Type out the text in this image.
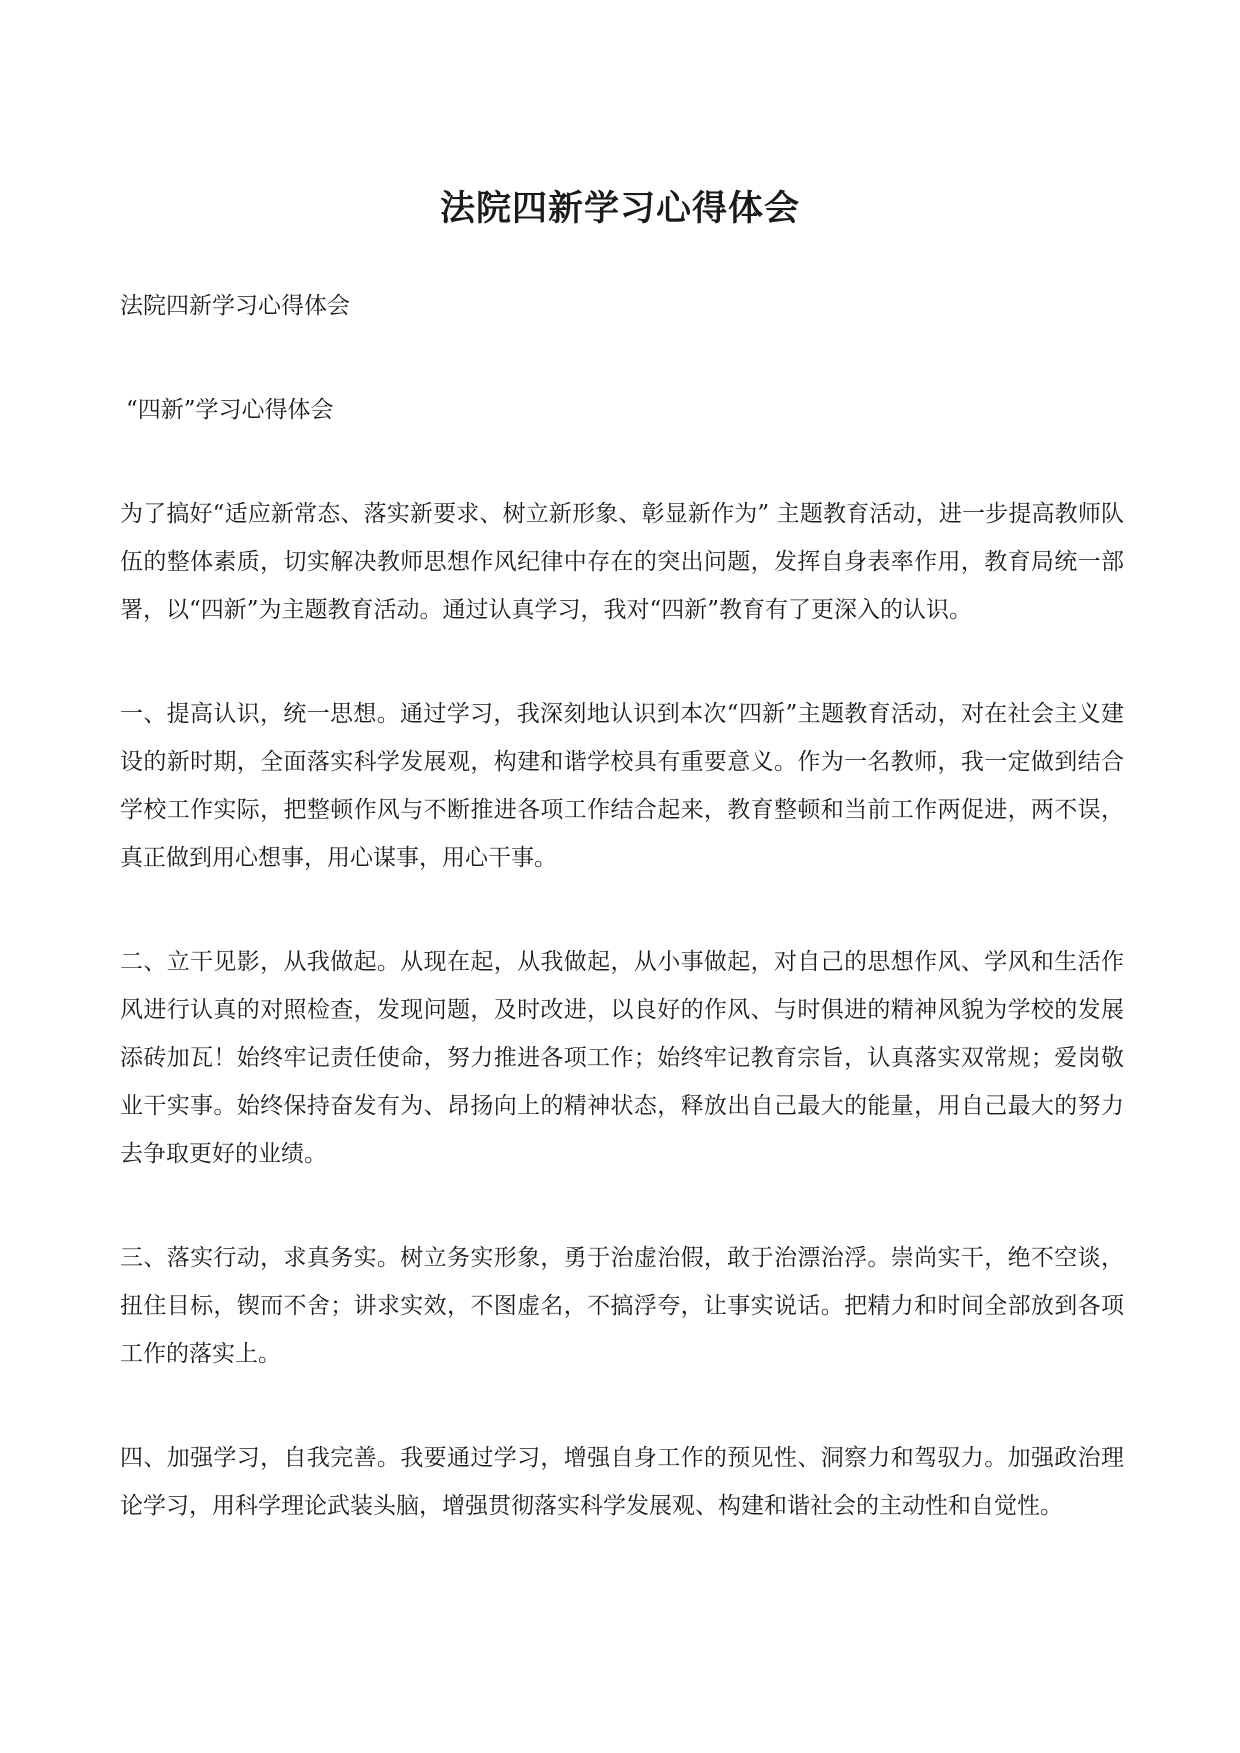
法院四新学习心得体会

法院四新学习心得体会

“四新”学习心得体会

为了搞好“适应新常态、落实新要求、树立新形象、彰显新作为” 主题教育活动，进一步提高教师队伍的整体素质，切实解决教师思想作风纪律中存在的突出问题，发挥自身表率作用，教育局统一部署，以“四新”为主题教育活动。通过认真学习，我对“四新”教育有了更深入的认识。

一、提高认识，统一思想。通过学习，我深刻地认识到本次“四新”主题教育活动，对在社会主义建设的新时期，全面落实科学发展观，构建和谐学校具有重要意义。作为一名教师，我一定做到结合学校工作实际，把整顿作风与不断推进各项工作结合起来，教育整顿和当前工作两促进，两不误，真正做到用心想事，用心谋事，用心干事。

二、立干见影，从我做起。从现在起，从我做起，从小事做起，对自己的思想作风、学风和生活作风进行认真的对照检查，发现问题，及时改进，以良好的作风、与时俱进的精神风貌为学校的发展添砖加瓦！始终牢记责任使命，努力推进各项工作；始终牢记教育宗旨，认真落实双常规；爱岗敬业干实事。始终保持奋发有为、昂扬向上的精神状态，释放出自己最大的能量，用自己最大的努力去争取更好的业绩。

三、落实行动，求真务实。树立务实形象，勇于治虚治假，敢于治漂治浮。崇尚实干，绝不空谈，扭住目标，锲而不舍；讲求实效，不图虚名，不搞浮夸，让事实说话。把精力和时间全部放到各项工作的落实上。

四、加强学习，自我完善。我要通过学习，增强自身工作的预见性、洞察力和驾驭力。加强政治理论学习，用科学理论武装头脑，增强贯彻落实科学发展观、构建和谐社会的主动性和自觉性。
